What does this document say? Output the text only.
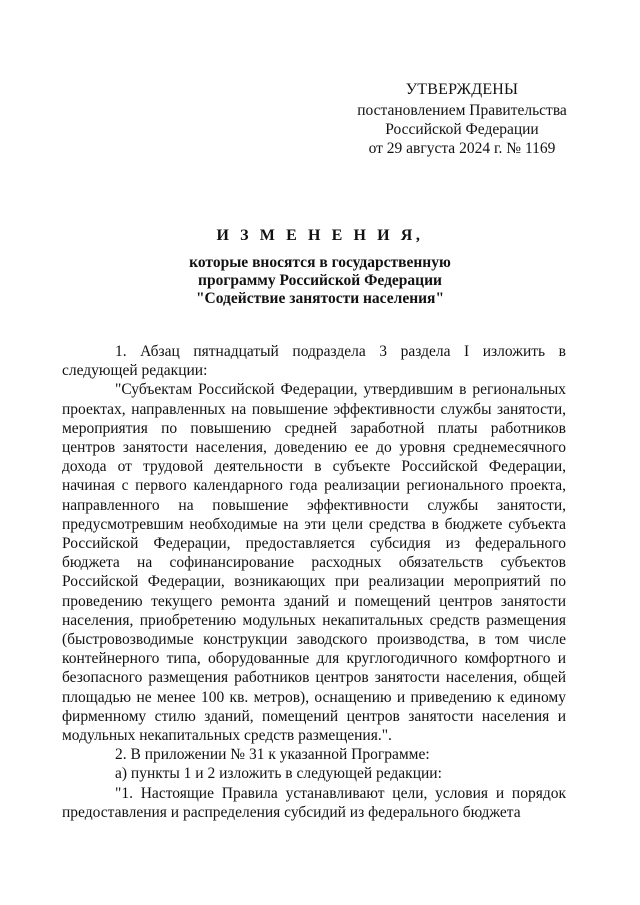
УТВЕРЖДЕНЫ
постановлением Правительства
Российской Федерации
от 29 августа 2024 г. № 1169
И З М Е Н Е Н И Я,
которые вносятся в государственную
программу Российской Федерации
"Содействие занятости населения"

1. Абзац пятнадцатый подраздела 3 раздела I изложить в следующей редакции:

"Субъектам Российской Федерации, утвердившим в региональных проектах, направленных на повышение эффективности службы занятости, мероприятия по повышению средней заработной платы работников центров занятости населения, доведению ее до уровня среднемесячного дохода от трудовой деятельности в субъекте Российской Федерации, начиная с первого календарного года реализации регионального проекта, направленного на повышение эффективности службы занятости, предусмотревшим необходимые на эти цели средства в бюджете субъекта Российской Федерации, предоставляется субсидия из федерального бюджета на софинансирование расходных обязательств субъектов Российской Федерации, возникающих при реализации мероприятий по проведению текущего ремонта зданий и помещений центров занятости населения, приобретению модульных некапитальных средств размещения (быстровозводимые конструкции заводского производства, в том числе контейнерного типа, оборудованные для круглогодичного комфортного и безопасного размещения работников центров занятости населения, общей площадью не менее 100 кв. метров), оснащению и приведению к единому фирменному стилю зданий, помещений центров занятости населения и модульных некапитальных средств размещения.".

2. В приложении № 31 к указанной Программе:

а) пункты 1 и 2 изложить в следующей редакции:

"1. Настоящие Правила устанавливают цели, условия и порядок предоставления и распределения субсидий из федерального бюджета
